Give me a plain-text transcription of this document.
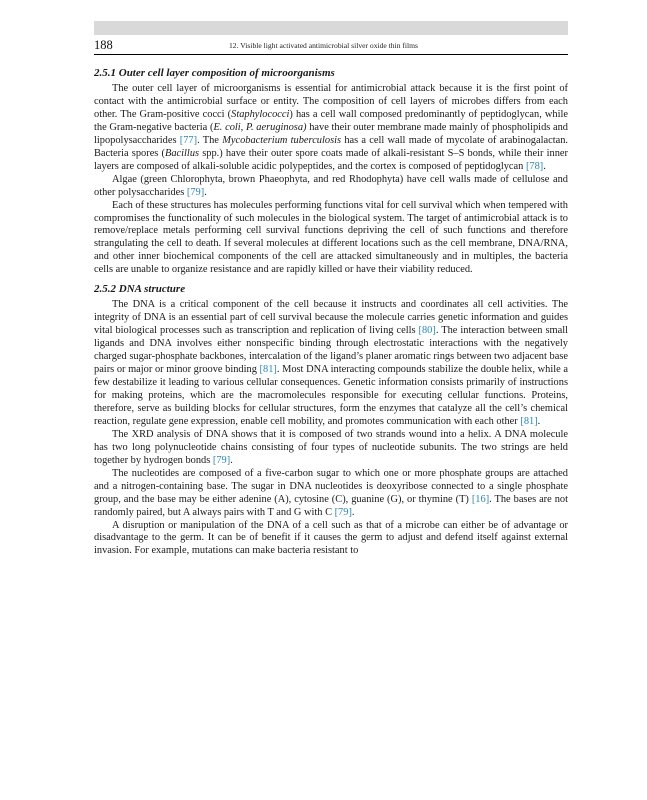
188	12. Visible light activated antimicrobial silver oxide thin films
2.5.1 Outer cell layer composition of microorganisms

The outer cell layer of microorganisms is essential for antimicrobial attack because it is the first point of contact with the antimicrobial surface or entity. The composition of cell layers of microbes differs from each other. The Gram-positive cocci (Staphylococci) has a cell wall composed predominantly of peptidoglycan, while the Gram-negative bacteria (E. coli, P. aeruginosa) have their outer membrane made mainly of phospholipids and lipopolysaccharides [77]. The Mycobacterium tuberculosis has a cell wall made of mycolate of arabinogalactan. Bacteria spores (Bacillus spp.) have their outer spore coats made of alkali-resistant S–S bonds, while their inner layers are composed of alkali-soluble acidic polypeptides, and the cortex is composed of peptidoglycan [78].

Algae (green Chlorophyta, brown Phaeophyta, and red Rhodophyta) have cell walls made of cellulose and other polysaccharides [79].

Each of these structures has molecules performing functions vital for cell survival which when tempered with compromises the functionality of such molecules in the biological system. The target of antimicrobial attack is to remove/replace metals performing cell survival functions depriving the cell of such functions and therefore strangulating the cell to death. If several molecules at different locations such as the cell membrane, DNA/RNA, and other inner biochemical components of the cell are attacked simultaneously and in multiples, the bacteria cells are unable to organize resistance and are rapidly killed or have their viability reduced.

2.5.2 DNA structure

The DNA is a critical component of the cell because it instructs and coordinates all cell activities. The integrity of DNA is an essential part of cell survival because the molecule carries genetic information and guides vital biological processes such as transcription and replication of living cells [80]. The interaction between small ligands and DNA involves either nonspecific binding through electrostatic interactions with the negatively charged sugar-phosphate backbones, intercalation of the ligand’s planer aromatic rings between two adjacent base pairs or major or minor groove binding [81]. Most DNA interacting compounds stabilize the double helix, while a few destabilize it leading to various cellular consequences. Genetic information consists primarily of instructions for making proteins, which are the macromolecules responsible for executing cellular functions. Proteins, therefore, serve as building blocks for cellular structures, form the enzymes that catalyze all the cell’s chemical reaction, regulate gene expression, enable cell mobility, and promotes communication with each other [81].

The XRD analysis of DNA shows that it is composed of two strands wound into a helix. A DNA molecule has two long polynucleotide chains consisting of four types of nucleotide subunits. The two strings are held together by hydrogen bonds [79].

The nucleotides are composed of a five-carbon sugar to which one or more phosphate groups are attached and a nitrogen-containing base. The sugar in DNA nucleotides is deoxyribose connected to a single phosphate group, and the base may be either adenine (A), cytosine (C), guanine (G), or thymine (T) [16]. The bases are not randomly paired, but A always pairs with T and G with C [79].

A disruption or manipulation of the DNA of a cell such as that of a microbe can either be of advantage or disadvantage to the germ. It can be of benefit if it causes the germ to adjust and defend itself against external invasion. For example, mutations can make bacteria resistant to
